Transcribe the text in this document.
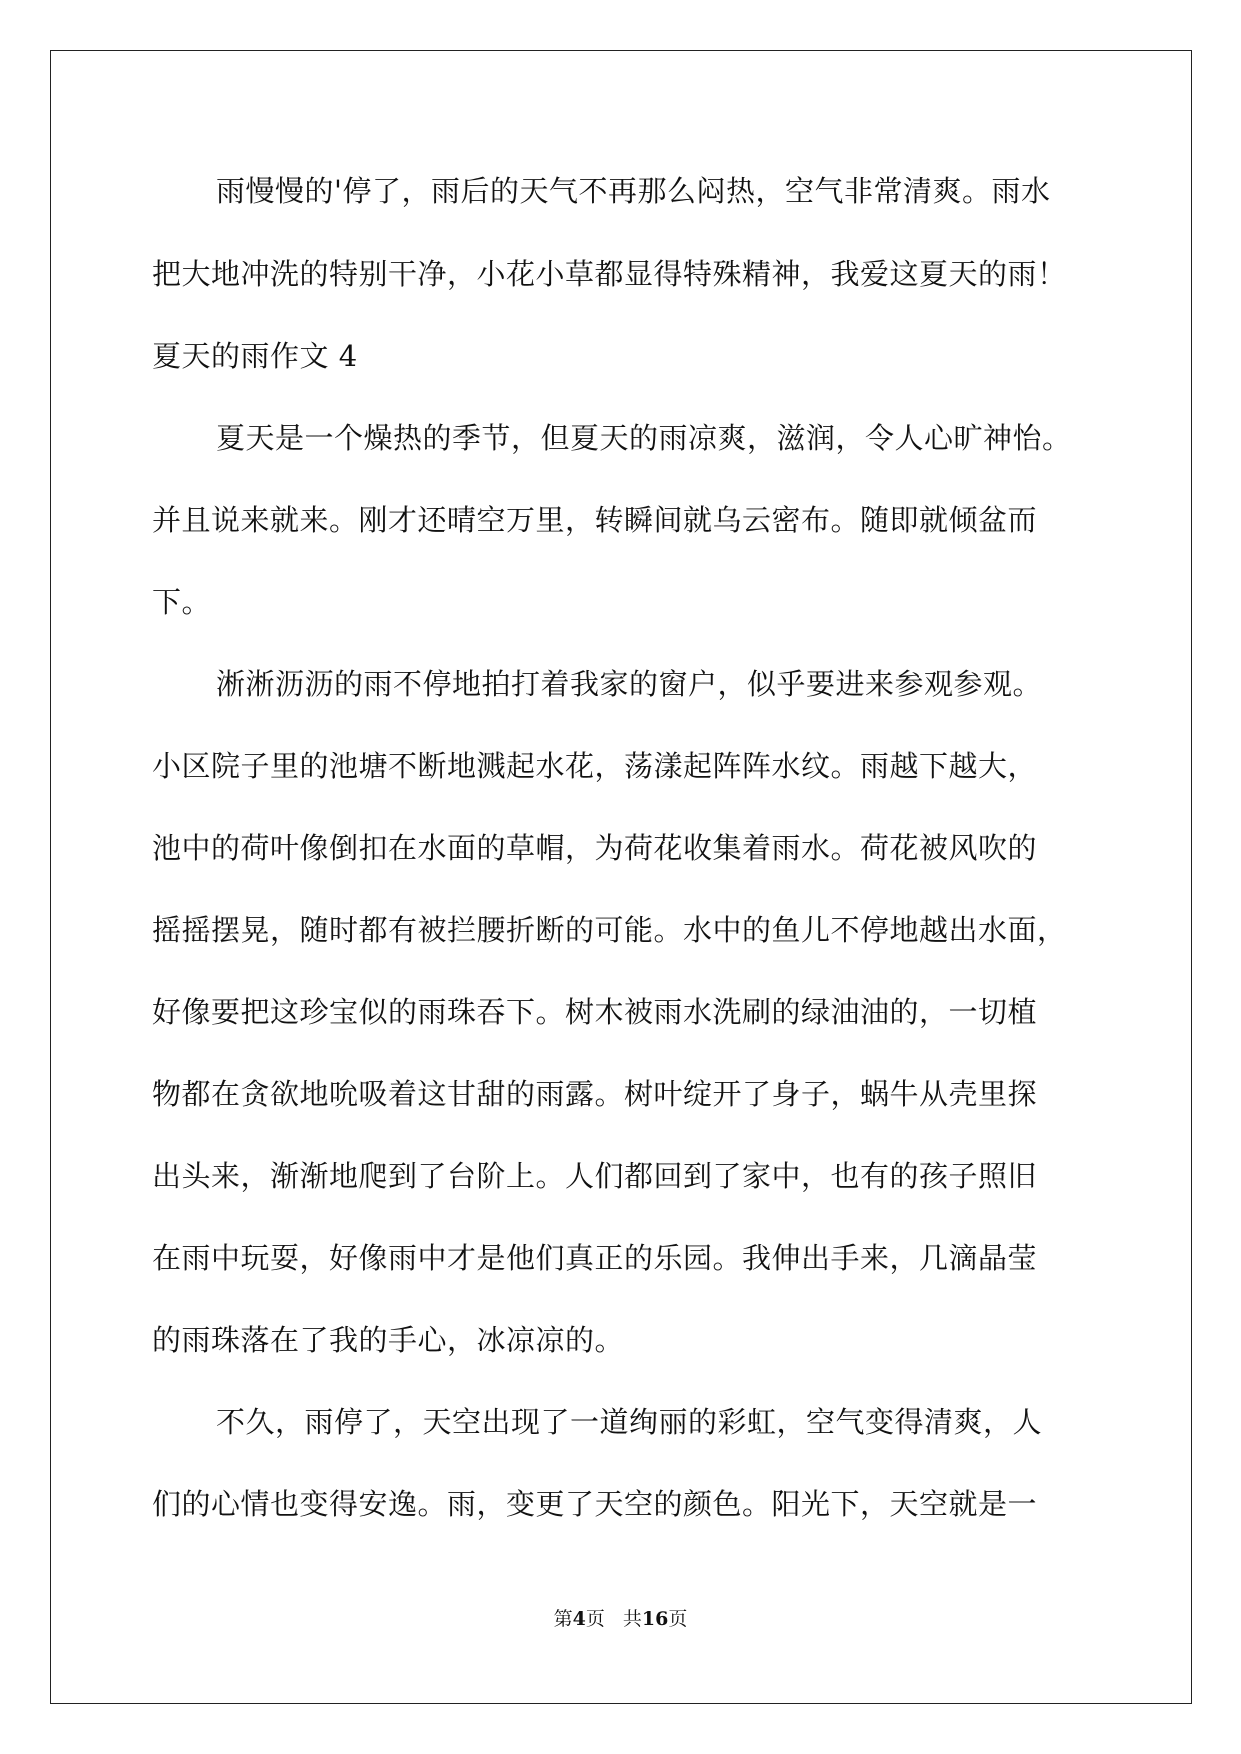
雨慢慢的'停了，雨后的天气不再那么闷热，空气非常清爽。雨水
把大地冲洗的特别干净，小花小草都显得特殊精神，我爱这夏天的雨！
夏天的雨作文 4
夏天是一个燥热的季节，但夏天的雨凉爽，滋润，令人心旷神怡。
并且说来就来。刚才还晴空万里，转瞬间就乌云密布。随即就倾盆而
下。
淅淅沥沥的雨不停地拍打着我家的窗户，似乎要进来参观参观。
小区院子里的池塘不断地溅起水花，荡漾起阵阵水纹。雨越下越大，
池中的荷叶像倒扣在水面的草帽，为荷花收集着雨水。荷花被风吹的
摇摇摆晃，随时都有被拦腰折断的可能。水中的鱼儿不停地越出水面，
好像要把这珍宝似的雨珠吞下。树木被雨水洗刷的绿油油的，一切植
物都在贪欲地吮吸着这甘甜的雨露。树叶绽开了身子，蜗牛从壳里探
出头来，渐渐地爬到了台阶上。人们都回到了家中，也有的孩子照旧
在雨中玩耍，好像雨中才是他们真正的乐园。我伸出手来，几滴晶莹
的雨珠落在了我的手心，冰凉凉的。
不久，雨停了，天空出现了一道绚丽的彩虹，空气变得清爽，人
们的心情也变得安逸。雨，变更了天空的颜色。阳光下，天空就是一
第4页 共16页
